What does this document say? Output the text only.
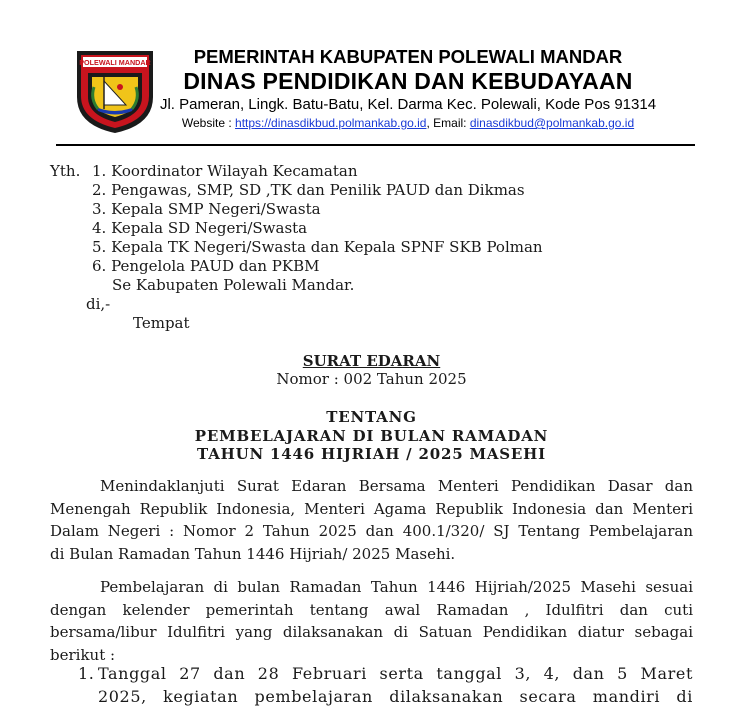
POLEWALI MANDAR	PEMERINTAH KABUPATEN POLEWALI MANDAR
DINAS PENDIDIKAN DAN KEBUDAYAAN
Jl. Pameran, Lingk. Batu-Batu, Kel. Darma Kec. Polewali, Kode Pos 91314
Website : https://dinasdikbud.polmankab.go.id, Email: dinasdikbud@polmankab.go.id
Yth. 1. Koordinator Wilayah Kecamatan
2. Pengawas, SMP, SD ,TK dan Penilik PAUD dan Dikmas
3. Kepala SMP Negeri/Swasta
4. Kepala SD Negeri/Swasta
5. Kepala TK Negeri/Swasta dan Kepala SPNF SKB Polman
6. Pengelola PAUD dan PKBM
Se Kabupaten Polewali Mandar.
di,-
Tempat
SURAT EDARAN
Nomor : 002 Tahun 2025
TENTANG
PEMBELAJARAN DI BULAN RAMADAN
TAHUN 1446 HIJRIAH / 2025 MASEHI
Menindaklanjuti Surat Edaran Bersama Menteri Pendidikan Dasar dan
Menengah Republik Indonesia, Menteri Agama Republik Indonesia dan Menteri
Dalam Negeri : Nomor 2 Tahun 2025 dan 400.1/320/ SJ Tentang Pembelajaran
di Bulan Ramadan Tahun 1446 Hijriah/ 2025 Masehi.
Pembelajaran di bulan Ramadan Tahun 1446 Hijriah/2025 Masehi sesuai
dengan kelender pemerintah tentang awal Ramadan , Idulfitri dan cuti
bersama/libur Idulfitri yang dilaksanakan di Satuan Pendidikan diatur sebagai
berikut :
1. Tanggal 27 dan 28 Februari serta tanggal 3, 4, dan 5 Maret
2025, kegiatan pembelajaran dilaksanakan secara mandiri di
